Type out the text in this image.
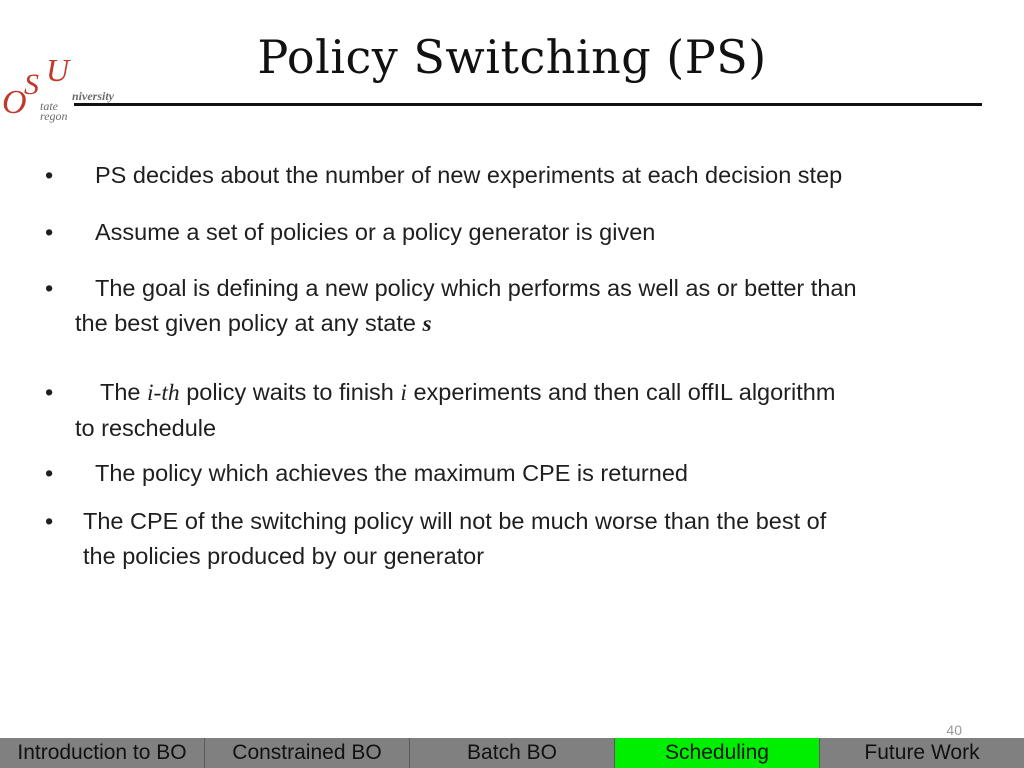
O
S U
niversity
tate
regon
Policy Switching (PS)
•	PS decides about the number of new experiments at each decision step
•	Assume a set of policies or a policy generator is given
•	The goal is defining a new policy which performs as well as or better than
the best given policy at any state s
•	The i-th policy waits to finish i experiments and then call offIL algorithm
to reschedule
•	The policy which achieves the maximum CPE is returned
•	The CPE of the switching policy will not be much worse than the best of
the policies produced by our generator
40
Introduction to BO	Constrained BO	Batch BO	Scheduling	Future Work
